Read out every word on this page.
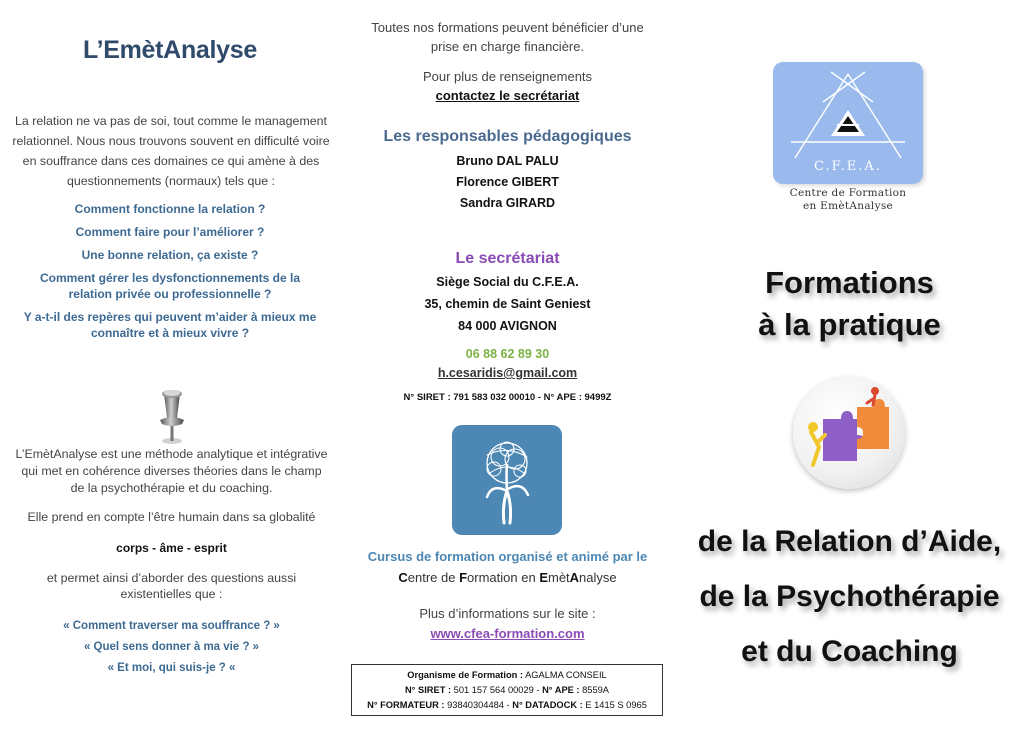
L’EmètAnalyse
La relation ne va pas de soi, tout comme le management relationnel. Nous nous trouvons souvent en difficulté voire en souffrance dans ces domaines ce qui amène à des questionnements (normaux) tels que :
Comment fonctionne la relation ?
Comment faire pour l’améliorer ?
Une bonne relation, ça existe ?
Comment gérer les dysfonctionnements de la relation privée ou professionnelle ?
Y a-t-il des repères qui peuvent m’aider à mieux me connaître et à mieux vivre ?
L’EmètAnalyse est une méthode analytique et intégrative qui met en cohérence diverses théories dans le champ de la psychothérapie et du coaching.
Elle prend en compte l’être humain dans sa globalité
corps - âme - esprit
et permet ainsi d’aborder des questions aussi existentielles que :
« Comment traverser ma souffrance ? »
« Quel sens donner à ma vie ? »
« Et moi, qui suis-je ? «
Toutes nos formations peuvent bénéficier d’une prise en charge financière.
Pour plus de renseignements
contactez le secrétariat
Les responsables pédagogiques
Bruno DAL PALU
Florence GIBERT
Sandra GIRARD
Le secrétariat
Siège Social du C.F.E.A.
35, chemin de Saint Geniest
84 000 AVIGNON
06 88 62 89 30
h.cesaridis@gmail.com
N° SIRET : 791 583 032 00010 - N° APE : 9499Z
Cursus de formation organisé et animé par le
Centre de Formation en EmètAnalyse
Plus d’informations sur le site :
www.cfea-formation.com
Organisme de Formation : AGALMA CONSEIL
N° SIRET : 501 157 564 00029 - N° APE : 8559A
N° FORMATEUR : 93840304484 - N° DATADOCK : E 1415 S 0965
C.F.E.A.
Centre de Formation
en EmètAnalyse
Formations
à la pratique
de la Relation d’Aide,
de la Psychothérapie
et du Coaching
